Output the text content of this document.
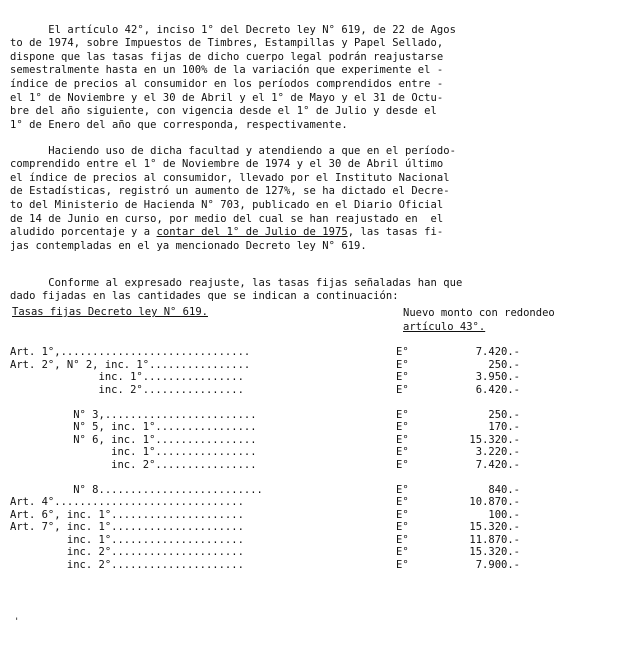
El artículo 42°, inciso 1° del Decreto ley N° 619, de 22 de Agos
to de 1974, sobre Impuestos de Timbres, Estampillas y Papel Sellado,
dispone que las tasas fijas de dicho cuerpo legal podrán reajustarse
semestralmente hasta en un 100% de la variación que experimente el -
índice de precios al consumidor en los períodos comprendidos entre -
el 1° de Noviembre y el 30 de Abril y el 1° de Mayo y el 31 de Octu-
bre del año siguiente, con vigencia desde el 1° de Julio y desde el
1° de Enero del año que corresponda, respectivamente.

Haciendo uso de dicha facultad y atendiendo a que en el período-
comprendido entre el 1° de Noviembre de 1974 y el 30 de Abril último
el índice de precios al consumidor, llevado por el Instituto Nacional
de Estadísticas, registró un aumento de 127%, se ha dictado el Decre-
to del Ministerio de Hacienda N° 703, publicado en el Diario Oficial
de 14 de Junio en curso, por medio del cual se han reajustado en  el
aludido porcentaje y a contar del 1° de Julio de 1975, las tasas fi-
jas contempladas en el ya mencionado Decreto ley N° 619.

Conforme al expresado reajuste, las tasas fijas señaladas han que
dado fijadas en las cantidades que se indican a continuación:

Tasas fijas Decreto ley N° 619.	Nuevo monto con redondeo
artículo 43°.

Art. 1°,..............................	E°	7.420.-
Art. 2°, N° 2, inc. 1°................	E°	250.-
inc. 1°................	E°	3.950.-
inc. 2°................	E°	6.420.-

N° 3,........................	E°	250.-
N° 5, inc. 1°................	E°	170.-
N° 6, inc. 1°................	E°	15.320.-
inc. 1°................	E°	3.220.-
inc. 2°................	E°	7.420.-

N° 8..........................	E°	840.-
Art. 4°..............................	E°	10.870.-
Art. 6°, inc. 1°.....................	E°	100.-
Art. 7°, inc. 1°.....................	E°	15.320.-
inc. 1°.....................	E°	11.870.-
inc. 2°.....................	E°	15.320.-
inc. 2°.....................	E°	7.900.-
'
